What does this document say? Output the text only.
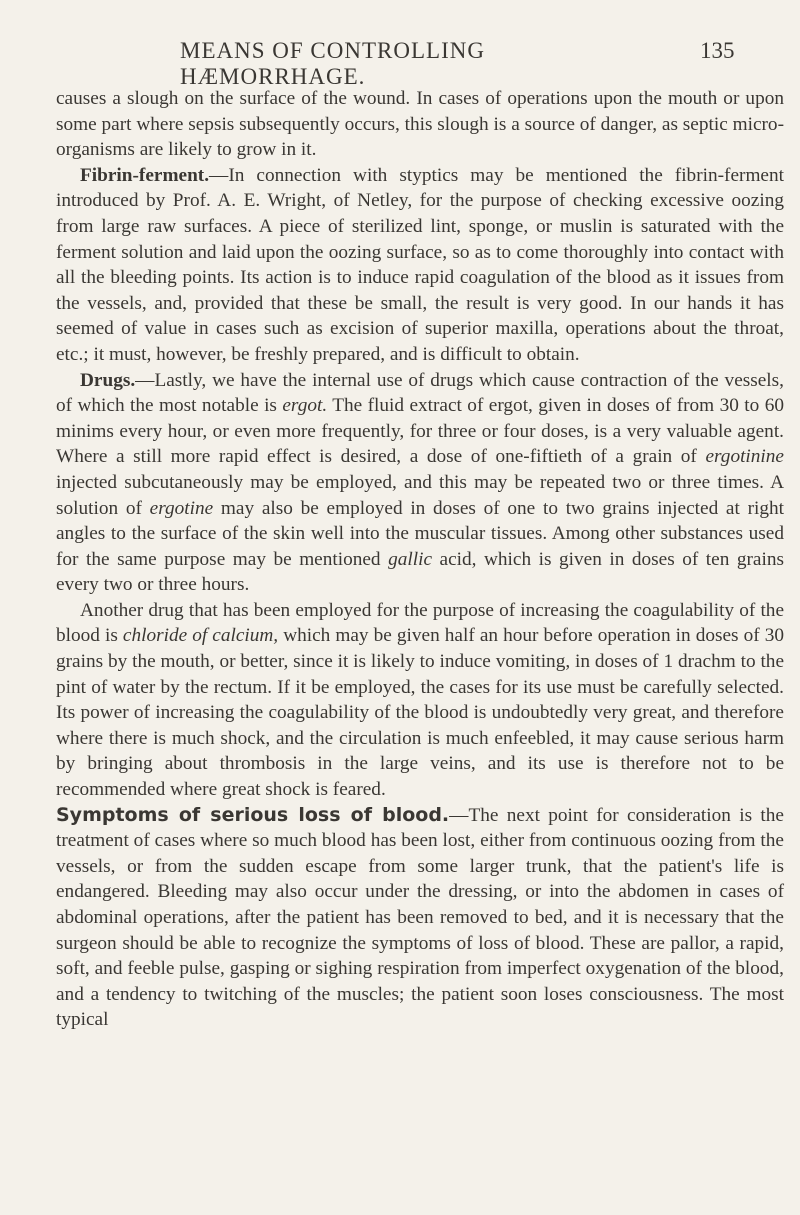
MEANS OF CONTROLLING HÆMORRHAGE.
135

causes a slough on the surface of the wound. In cases of operations upon the mouth or upon some part where sepsis subsequently occurs, this slough is a source of danger, as septic micro-organisms are likely to grow in it.

Fibrin-ferment.—In connection with styptics may be mentioned the fibrin-ferment introduced by Prof. A. E. Wright, of Netley, for the purpose of checking excessive oozing from large raw surfaces. A piece of sterilized lint, sponge, or muslin is saturated with the ferment solution and laid upon the oozing surface, so as to come thoroughly into contact with all the bleeding points. Its action is to induce rapid coagulation of the blood as it issues from the vessels, and, provided that these be small, the result is very good. In our hands it has seemed of value in cases such as excision of superior maxilla, operations about the throat, etc.; it must, however, be freshly prepared, and is difficult to obtain.

Drugs.—Lastly, we have the internal use of drugs which cause contraction of the vessels, of which the most notable is ergot. The fluid extract of ergot, given in doses of from 30 to 60 minims every hour, or even more frequently, for three or four doses, is a very valuable agent. Where a still more rapid effect is desired, a dose of one-fiftieth of a grain of ergotinine injected subcutaneously may be employed, and this may be repeated two or three times. A solution of ergotine may also be employed in doses of one to two grains injected at right angles to the surface of the skin well into the muscular tissues. Among other substances used for the same purpose may be mentioned gallic acid, which is given in doses of ten grains every two or three hours.

Another drug that has been employed for the purpose of increasing the coagulability of the blood is chloride of calcium, which may be given half an hour before operation in doses of 30 grains by the mouth, or better, since it is likely to induce vomiting, in doses of 1 drachm to the pint of water by the rectum. If it be employed, the cases for its use must be carefully selected. Its power of increasing the coagulability of the blood is undoubtedly very great, and therefore where there is much shock, and the circulation is much enfeebled, it may cause serious harm by bringing about thrombosis in the large veins, and its use is therefore not to be recommended where great shock is feared.

Symptoms of serious loss of blood.—The next point for consideration is the treatment of cases where so much blood has been lost, either from continuous oozing from the vessels, or from the sudden escape from some larger trunk, that the patient's life is endangered. Bleeding may also occur under the dressing, or into the abdomen in cases of abdominal operations, after the patient has been removed to bed, and it is necessary that the surgeon should be able to recognize the symptoms of loss of blood. These are pallor, a rapid, soft, and feeble pulse, gasping or sighing respiration from imperfect oxygenation of the blood, and a tendency to twitching of the muscles; the patient soon loses consciousness. The most typical
